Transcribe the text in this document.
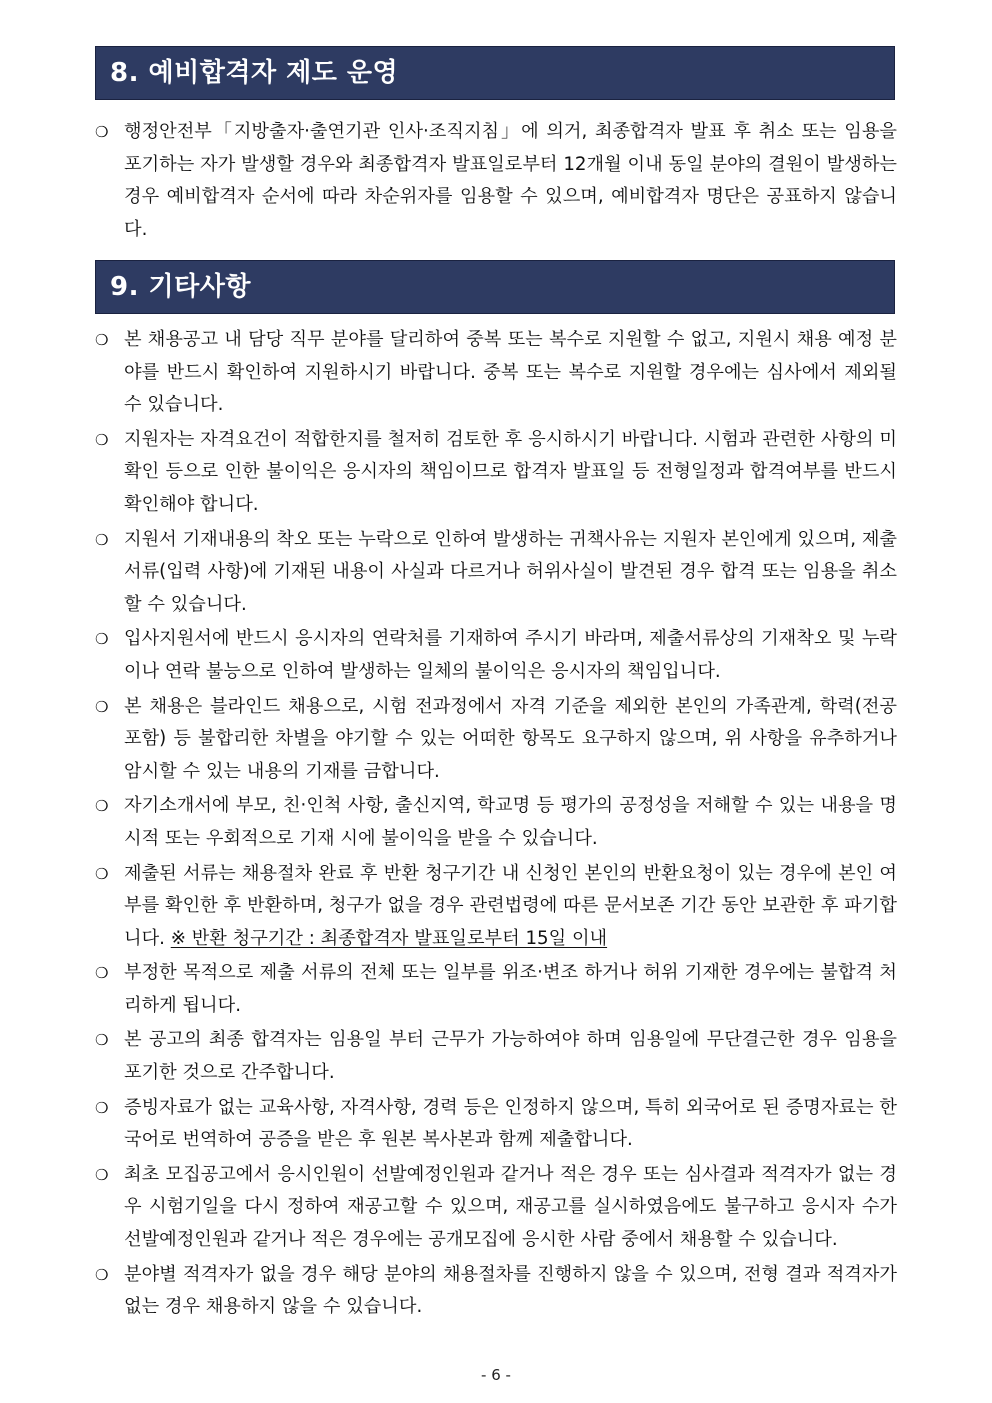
8. 예비합격자 제도 운영
❍ 행정안전부「지방출자·출연기관 인사·조직지침」에 의거, 최종합격자 발표 후 취소 또는 임용을 포기하는 자가 발생할 경우와 최종합격자 발표일로부터 12개월 이내 동일 분야의 결원이 발생하는 경우 예비합격자 순서에 따라 차순위자를 임용할 수 있으며, 예비합격자 명단은 공표하지 않습니다.
9. 기타사항
❍ 본 채용공고 내 담당 직무 분야를 달리하여 중복 또는 복수로 지원할 수 없고, 지원시 채용 예정 분야를 반드시 확인하여 지원하시기 바랍니다. 중복 또는 복수로 지원할 경우에는 심사에서 제외될 수 있습니다.
❍ 지원자는 자격요건이 적합한지를 철저히 검토한 후 응시하시기 바랍니다. 시험과 관련한 사항의 미확인 등으로 인한 불이익은 응시자의 책임이므로 합격자 발표일 등 전형일정과 합격여부를 반드시 확인해야 합니다.
❍ 지원서 기재내용의 착오 또는 누락으로 인하여 발생하는 귀책사유는 지원자 본인에게 있으며, 제출 서류(입력 사항)에 기재된 내용이 사실과 다르거나 허위사실이 발견된 경우 합격 또는 임용을 취소할 수 있습니다.
❍ 입사지원서에 반드시 응시자의 연락처를 기재하여 주시기 바라며, 제출서류상의 기재착오 및 누락이나 연락 불능으로 인하여 발생하는 일체의 불이익은 응시자의 책임입니다.
❍ 본 채용은 블라인드 채용으로, 시험 전과정에서 자격 기준을 제외한 본인의 가족관계, 학력(전공 포함) 등 불합리한 차별을 야기할 수 있는 어떠한 항목도 요구하지 않으며, 위 사항을 유추하거나 암시할 수 있는 내용의 기재를 금합니다.
❍ 자기소개서에 부모, 친·인척 사항, 출신지역, 학교명 등 평가의 공정성을 저해할 수 있는 내용을 명시적 또는 우회적으로 기재 시에 불이익을 받을 수 있습니다.
❍ 제출된 서류는 채용절차 완료 후 반환 청구기간 내 신청인 본인의 반환요청이 있는 경우에 본인 여부를 확인한 후 반환하며, 청구가 없을 경우 관련법령에 따른 문서보존 기간 동안 보관한 후 파기합니다. ※ 반환 청구기간 : 최종합격자 발표일로부터 15일 이내
❍ 부정한 목적으로 제출 서류의 전체 또는 일부를 위조·변조 하거나 허위 기재한 경우에는 불합격 처리하게 됩니다.
❍ 본 공고의 최종 합격자는 임용일 부터 근무가 가능하여야 하며 임용일에 무단결근한 경우 임용을 포기한 것으로 간주합니다.
❍ 증빙자료가 없는 교육사항, 자격사항, 경력 등은 인정하지 않으며, 특히 외국어로 된 증명자료는 한국어로 번역하여 공증을 받은 후 원본 복사본과 함께 제출합니다.
❍ 최초 모집공고에서 응시인원이 선발예정인원과 같거나 적은 경우 또는 심사결과 적격자가 없는 경우 시험기일을 다시 정하여 재공고할 수 있으며, 재공고를 실시하였음에도 불구하고 응시자 수가 선발예정인원과 같거나 적은 경우에는 공개모집에 응시한 사람 중에서 채용할 수 있습니다.
❍ 분야별 적격자가 없을 경우 해당 분야의 채용절차를 진행하지 않을 수 있으며, 전형 결과 적격자가 없는 경우 채용하지 않을 수 있습니다.
- 6 -
